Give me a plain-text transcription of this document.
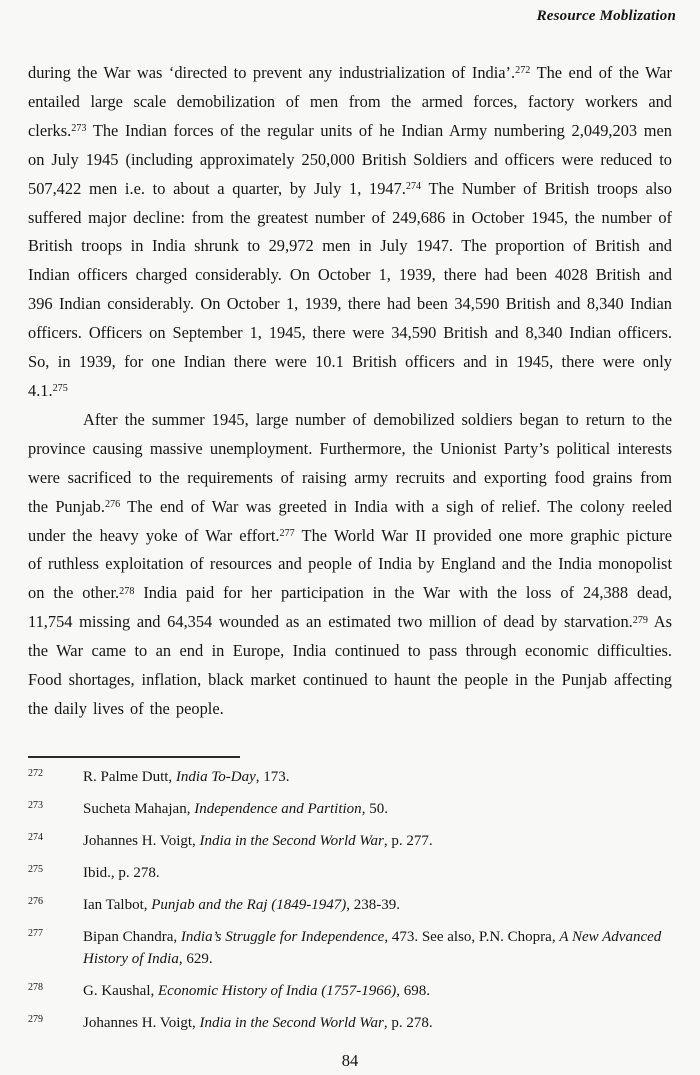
Resource Moblization

during the War was ‘directed to prevent any industrialization of India’.$^{272}$ The end of the War entailed large scale demobilization of men from the armed forces, factory workers and clerks.$^{273}$ The Indian forces of the regular units of he Indian Army numbering 2,049,203 men on July 1945 (including approximately 250,000 British Soldiers and officers were reduced to 507,422 men i.e. to about a quarter, by July 1, 1947.$^{274}$ The Number of British troops also suffered major decline: from the greatest number of 249,686 in October 1945, the number of British troops in India shrunk to 29,972 men in July 1947. The proportion of British and Indian officers charged considerably. On October 1, 1939, there had been 4028 British and 396 Indian considerably. On October 1, 1939, there had been 34,590 British and 8,340 Indian officers. Officers on September 1, 1945, there were 34,590 British and 8,340 Indian officers. So, in 1939, for one Indian there were 10.1 British officers and in 1945, there were only 4.1.$^{275}$

After the summer 1945, large number of demobilized soldiers began to return to the province causing massive unemployment. Furthermore, the Unionist Party’s political interests were sacrificed to the requirements of raising army recruits and exporting food grains from the Punjab.$^{276}$ The end of War was greeted in India with a sigh of relief. The colony reeled under the heavy yoke of War effort.$^{277}$ The World War II provided one more graphic picture of ruthless exploitation of resources and people of India by England and the India monopolist on the other.$^{278}$ India paid for her participation in the War with the loss of 24,388 dead, 11,754 missing and 64,354 wounded as an estimated two million of dead by starvation.$^{279}$ As the War came to an end in Europe, India continued to pass through economic difficulties. Food shortages, inflation, black market continued to haunt the people in the Punjab affecting the daily lives of the people.

272	R. Palme Dutt, India To-Day, 173.
273	Sucheta Mahajan, Independence and Partition, 50.
274	Johannes H. Voigt, India in the Second World War, p. 277.
275	Ibid., p. 278.
276	Ian Talbot, Punjab and the Raj (1849-1947), 238-39.
277	Bipan Chandra, India’s Struggle for Independence, 473. See also, P.N. Chopra, A New Advanced History of India, 629.
278	G. Kaushal, Economic History of India (1757-1966), 698.
279	Johannes H. Voigt, India in the Second World War, p. 278.
84
